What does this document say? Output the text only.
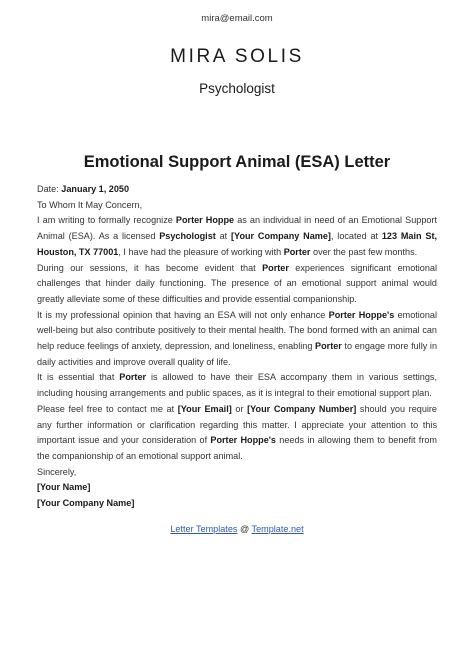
mira@email.com
MIRA SOLIS
Psychologist
Emotional Support Animal (ESA) Letter

Date: January 1, 2050

To Whom It May Concern,

I am writing to formally recognize Porter Hoppe as an individual in need of an Emotional Support Animal (ESA). As a licensed Psychologist at [Your Company Name], located at 123 Main St, Houston, TX 77001, I have had the pleasure of working with Porter over the past few months.

During our sessions, it has become evident that Porter experiences significant emotional challenges that hinder daily functioning. The presence of an emotional support animal would greatly alleviate some of these difficulties and provide essential companionship.

It is my professional opinion that having an ESA will not only enhance Porter Hoppe's emotional well-being but also contribute positively to their mental health. The bond formed with an animal can help reduce feelings of anxiety, depression, and loneliness, enabling Porter to engage more fully in daily activities and improve overall quality of life.

It is essential that Porter is allowed to have their ESA accompany them in various settings, including housing arrangements and public spaces, as it is integral to their emotional support plan.

Please feel free to contact me at [Your Email] or [Your Company Number] should you require any further information or clarification regarding this matter. I appreciate your attention to this important issue and your consideration of Porter Hoppe's needs in allowing them to benefit from the companionship of an emotional support animal.

Sincerely,

[Your Name]

[Your Company Name]

Letter Templates @ Template.net
